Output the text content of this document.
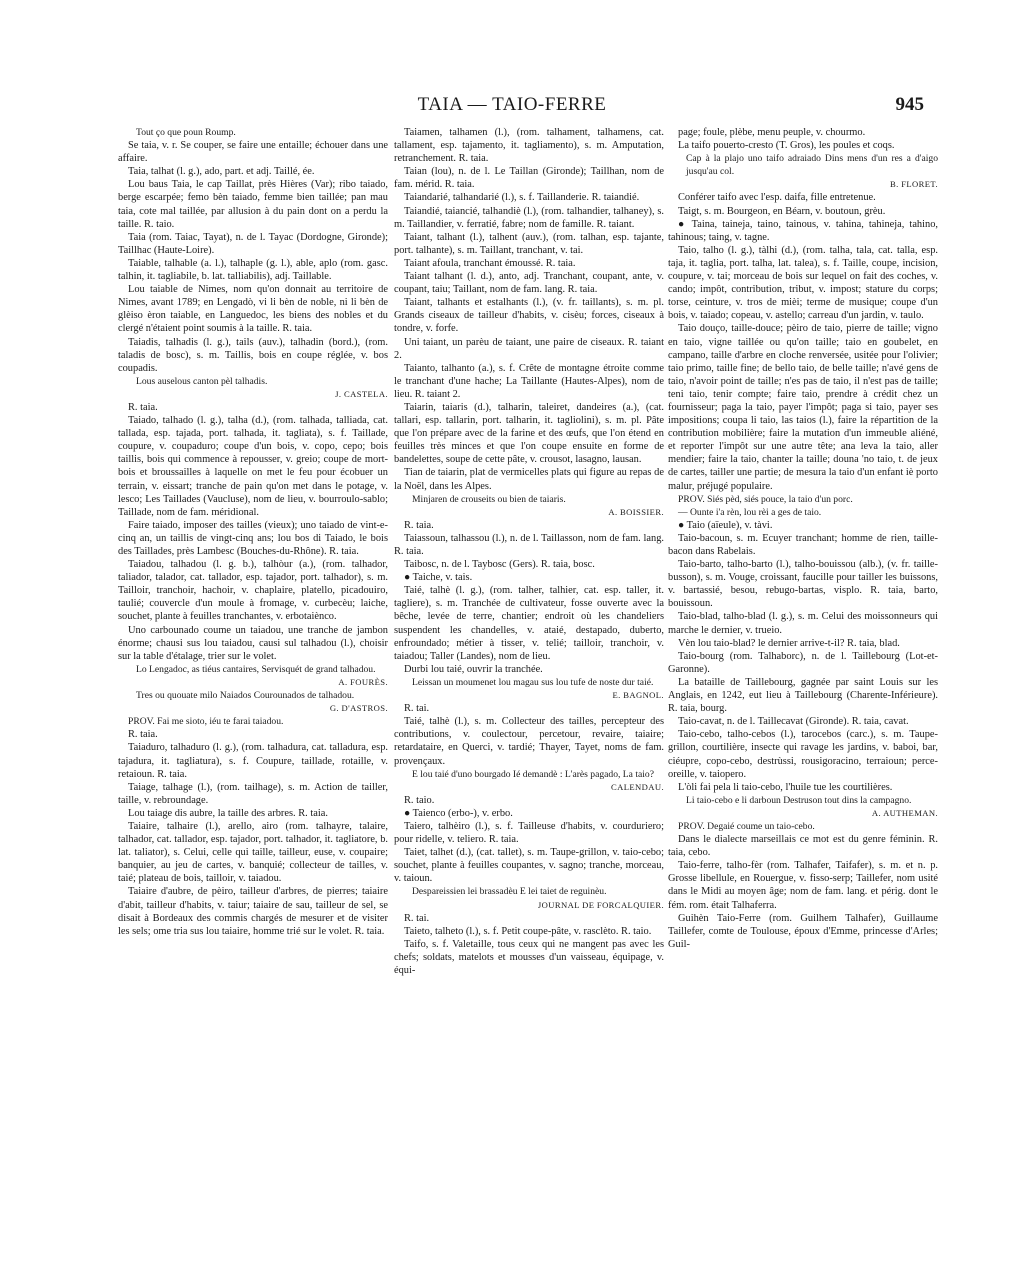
TAIA — TAIO-FERRE	945

Tout ço que poun Roump.

Se taia, v. r. Se couper, se faire une entaille; échouer dans une affaire.

Taia, talhat (l. g.), ado, part. et adj. Taillé, ée.

Lou baus Taia, le cap Taillat, près Hières (Var); ribo taiado, berge escarpée; femo bèn taiado, femme bien taillée; pan mau taia, cote mal taillée, par allusion à du pain dont on a perdu la taille. R. taio.

Taia (rom. Taiac, Tayat), n. de l. Tayac (Dordogne, Gironde); Taillhac (Haute-Loire).

Taiable, talhable (a. l.), talhaple (g. l.), able, aplo (rom. gasc. talhin, it. tagliabile, b. lat. talliabilis), adj. Taillable.

Lou taiable de Nimes, nom qu'on donnait au territoire de Nimes, avant 1789; en Lengadò, vi li bèn de noble, ni li bèn de glèiso èron taiable, en Languedoc, les biens des nobles et du clergé n'étaient point soumis à la taille. R. taia.

Taiadis, talhadis (l. g.), tails (auv.), talhadin (bord.), (rom. taladis de bosc), s. m. Taillis, bois en coupe réglée, v. bos coupadis.

Lous auselous canton pèl talhadis.

J. CASTELA.

R. taia.

Taiado, talhado (l. g.), talha (d.), (rom. talhada, talliada, cat. tallada, esp. tajada, port. talhada, it. tagliata), s. f. Taillade, coupure, v. coupaduro; coupe d'un bois, v. copo, cepo; bois taillis, bois qui commence à repousser, v. greio; coupe de mort-bois et broussailles à laquelle on met le feu pour écobuer un terrain, v. eissart; tranche de pain qu'on met dans le potage, v. lesco; Les Taillades (Vaucluse), nom de lieu, v. bourroulo-sablo; Taillade, nom de fam. méridional.

Faire taiado, imposer des tailles (vieux); uno taiado de vint-e-cinq an, un taillis de vingt-cinq ans; lou bos di Taiado, le bois des Taillades, près Lambesc (Bouches-du-Rhône). R. taia.

Taiadou, talhadou (l. g. b.), talhòur (a.), (rom. talhador, taliador, talador, cat. tallador, esp. tajador, port. talhador), s. m. Tailloir, tranchoir, hachoir, v. chaplaire, platello, picadouiro, taulié; couvercle d'un moule à fromage, v. curbecèu; laiche, souchet, plante à feuilles tranchantes, v. erbotaiènco.

Uno carbounado coume un taiadou, une tranche de jambon énorme; chausi sus lou taiadou, causi sul talhadou (l.), choisir sur la table d'étalage, trier sur le volet.

Lo Lengadoc, as tiéus cantaires, Servisquét de grand talhadou.

A. FOURÈS.

Tres ou quouate milo Naiados Courounados de talhadou.

G. D'ASTROS.

PROV. Fai me sioto, iéu te farai taiadou.

R. taia.

Taiaduro, talhaduro (l. g.), (rom. talhadura, cat. talladura, esp. tajadura, it. tagliatura), s. f. Coupure, taillade, rotaille, v. retaioun. R. taia.

Taiage, talhage (l.), (rom. tailhage), s. m. Action de tailler, taille, v. rebroundage.

Lou taiage dis aubre, la taille des arbres. R. taia.

Taiaire, talhaire (l.), arello, airo (rom. talhayre, talaire, talhador, cat. tallador, esp. tajador, port. talhador, it. tagliatore, b. lat. taliator), s. Celui, celle qui taille, tailleur, euse, v. coupaire; banquier, au jeu de cartes, v. banquié; collecteur de tailles, v. taié; plateau de bois, tailloir, v. taiadou.

Taiaire d'aubre, de pèiro, tailleur d'arbres, de pierres; taiaire d'abit, tailleur d'habits, v. taiur; taiaire de sau, tailleur de sel, se disait à Bordeaux des commis chargés de mesurer et de visiter les sels; ome tria sus lou taiaire, homme trié sur le volet. R. taia.

Taiamen, talhamen (l.), (rom. talhament, talhamens, cat. tallament, esp. tajamento, it. tagliamento), s. m. Amputation, retranchement. R. taia.

Taian (lou), n. de l. Le Taillan (Gironde); Taillhan, nom de fam. mérid. R. taia.

Taiandarié, talhandarié (l.), s. f. Taillanderie. R. taiandié.

Taiandié, taiancié, talhandiè (l.), (rom. talhandier, talhaney), s. m. Taillandier, v. ferratié, fabre; nom de famille. R. taiant.

Taiant, talhant (l.), talhent (auv.), (rom. talhan, esp. tajante, port. talhante), s. m. Taillant, tranchant, v. tai.

Taiant afoula, tranchant émoussé. R. taia.

Taiant talhant (l. d.), anto, adj. Tranchant, coupant, ante, v. coupant, taiu; Taillant, nom de fam. lang. R. taia.

Taiant, talhants et estalhants (l.), (v. fr. taillants), s. m. pl. Grands ciseaux de tailleur d'habits, v. cisèu; forces, ciseaux à tondre, v. forfe.

Uni taiant, un parèu de taiant, une paire de ciseaux. R. taiant 2.

Taianto, talhanto (a.), s. f. Crête de montagne étroite comme le tranchant d'une hache; La Taillante (Hautes-Alpes), nom de lieu. R. taiant 2.

Taiarin, taiaris (d.), talharin, taleiret, dandeires (a.), (cat. tallari, esp. tallarin, port. talharin, it. tagliolini), s. m. pl. Pâte que l'on prépare avec de la farine et des œufs, que l'on étend en feuilles très minces et que l'on coupe ensuite en forme de bandelettes, soupe de cette pâte, v. crousot, lasagno, lausan.

Tian de taiarin, plat de vermicelles plats qui figure au repas de la Noël, dans les Alpes.

Minjaren de crouseits ou bien de taiaris.

A. BOISSIER.

R. taia.

Taiassoun, talhassou (l.), n. de l. Taillasson, nom de fam. lang. R. taia.

Taibosc, n. de l. Taybosc (Gers). R. taia, bosc.

● Taiche, v. tais.

Taié, talhè (l. g.), (rom. talher, talhier, cat. esp. taller, it. tagliere), s. m. Tranchée de cultivateur, fosse ouverte avec la bêche, levée de terre, chantier; endroit où les chandeliers suspendent les chandelles, v. ataié, destapado, duberto, enfroundado; métier à tisser, v. telié; tailloir, tranchoir, v. taiadou; Taller (Landes), nom de lieu.

Durbi lou taié, ouvrir la tranchée.

Leissan un moumenet lou magau sus lou tufe de noste dur taié.

E. BAGNOL.

R. tai.

Taié, talhè (l.), s. m. Collecteur des tailles, percepteur des contributions, v. coulectour, percetour, revaire, taiaire; retardataire, en Querci, v. tardié; Thayer, Tayet, noms de fam. provençaux.

E lou taié d'uno bourgado Ié demandè : L'arès pagado, La taio?

CALENDAU.

R. taio.

● Taienco (erbo-), v. erbo.

Taiero, talhèiro (l.), s. f. Tailleuse d'habits, v. courduriero; pour ridelle, v. teliero. R. taia.

Taiet, talhet (d.), (cat. tallet), s. m. Taupe-grillon, v. taio-cebo; souchet, plante à feuilles coupantes, v. sagno; tranche, morceau, v. taioun.

Despareissien lei brassadèu E lei taiet de reguinèu.

JOURNAL DE FORCALQUIER.

R. tai.

Taieto, talheto (l.), s. f. Petit coupe-pâte, v. rasclèto. R. taio.

Taifo, s. f. Valetaille, tous ceux qui ne mangent pas avec les chefs; soldats, matelots et mousses d'un vaisseau, équipage, v. équi-

page; foule, plèbe, menu peuple, v. chourmo.

La taifo pouerto-cresto (T. Gros), les poules et coqs.

Cap à la plajo uno taifo adraiado Dins mens d'un res a d'aigo jusqu'au col.

B. FLORET.

Conférer taifo avec l'esp. daifa, fille entretenue.

Taigt, s. m. Bourgeon, en Béarn, v. boutoun, grèu.

● Taina, taineja, taino, tainous, v. tahina, tahineja, tahino, tahinous; taing, v. tagne.

Taio, talho (l. g.), tàlhi (d.), (rom. talha, tala, cat. talla, esp. taja, it. taglia, port. talha, lat. talea), s. f. Taille, coupe, incision, coupure, v. tai; morceau de bois sur lequel on fait des coches, v. cando; impôt, contribution, tribut, v. impost; stature du corps; torse, ceinture, v. tros de mièi; terme de musique; coupe d'un bois, v. taiado; copeau, v. astello; carreau d'un jardin, v. taulo.

Taio douço, taille-douce; pèiro de taio, pierre de taille; vigno en taio, vigne taillée ou qu'on taille; taio en goubelet, en campano, taille d'arbre en cloche renversée, usitée pour l'olivier; taio primo, taille fine; de bello taio, de belle taille; n'avé gens de taio, n'avoir point de taille; n'es pas de taio, il n'est pas de taille; teni taio, tenir compte; faire taio, prendre à crédit chez un fournisseur; paga la taio, payer l'impôt; paga si taio, payer ses impositions; coupa li taio, las taios (l.), faire la répartition de la contribution mobilière; faire la mutation d'un immeuble aliéné, et reporter l'impôt sur une autre tête; ana leva la taio, aller mendier; faire la taio, chanter la taille; douna 'no taio, t. de jeux de cartes, tailler une partie; de mesura la taio d'un enfant iè porto malur, préjugé populaire.

PROV. Siés pèd, siés pouce, la taio d'un porc.

— Ounte i'a rèn, lou rèi a ges de taio.

● Taio (aïeule), v. tàvi.

Taio-bacoun, s. m. Ecuyer tranchant; homme de rien, taille-bacon dans Rabelais.

Taio-barto, talho-barto (l.), talho-bouissou (alb.), (v. fr. taille-busson), s. m. Vouge, croissant, faucille pour tailler les buissons, v. bartassié, besou, rebugo-bartas, visplo. R. taia, barto, bouissoun.

Taio-blad, talho-blad (l. g.), s. m. Celui des moissonneurs qui marche le dernier, v. trueio.

Vèn lou taio-blad? le dernier arrive-t-il? R. taia, blad.

Taio-bourg (rom. Talhaborc), n. de l. Taillebourg (Lot-et-Garonne).

La bataille de Taillebourg, gagnée par saint Louis sur les Anglais, en 1242, eut lieu à Taillebourg (Charente-Inférieure). R. taia, bourg.

Taio-cavat, n. de l. Taillecavat (Gironde). R. taia, cavat.

Taio-cebo, talho-cebos (l.), tarocebos (carc.), s. m. Taupe-grillon, courtilière, insecte qui ravage les jardins, v. baboi, bar, ciéupre, copo-cebo, destrùssi, rousigoracino, terraioun; perce-oreille, v. taiopero.

L'òli fai pela li taio-cebo, l'huile tue les courtilières.

Li taio-cebo e li darboun Destruson tout dins la campagno.

A. AUTHEMAN.

PROV. Degaié coume un taio-cebo.

Dans le dialecte marseillais ce mot est du genre féminin. R. taia, cebo.

Taio-ferre, talho-fèr (rom. Talhafer, Taifafer), s. m. et n. p. Grosse libellule, en Rouergue, v. fisso-serp; Taillefer, nom usité dans le Midi au moyen âge; nom de fam. lang. et périg. dont le fém. rom. était Talhaferra.

Guihèn Taio-Ferre (rom. Guilhem Talhafer), Guillaume Taillefer, comte de Toulouse, époux d'Emme, princesse d'Arles; Guil-
